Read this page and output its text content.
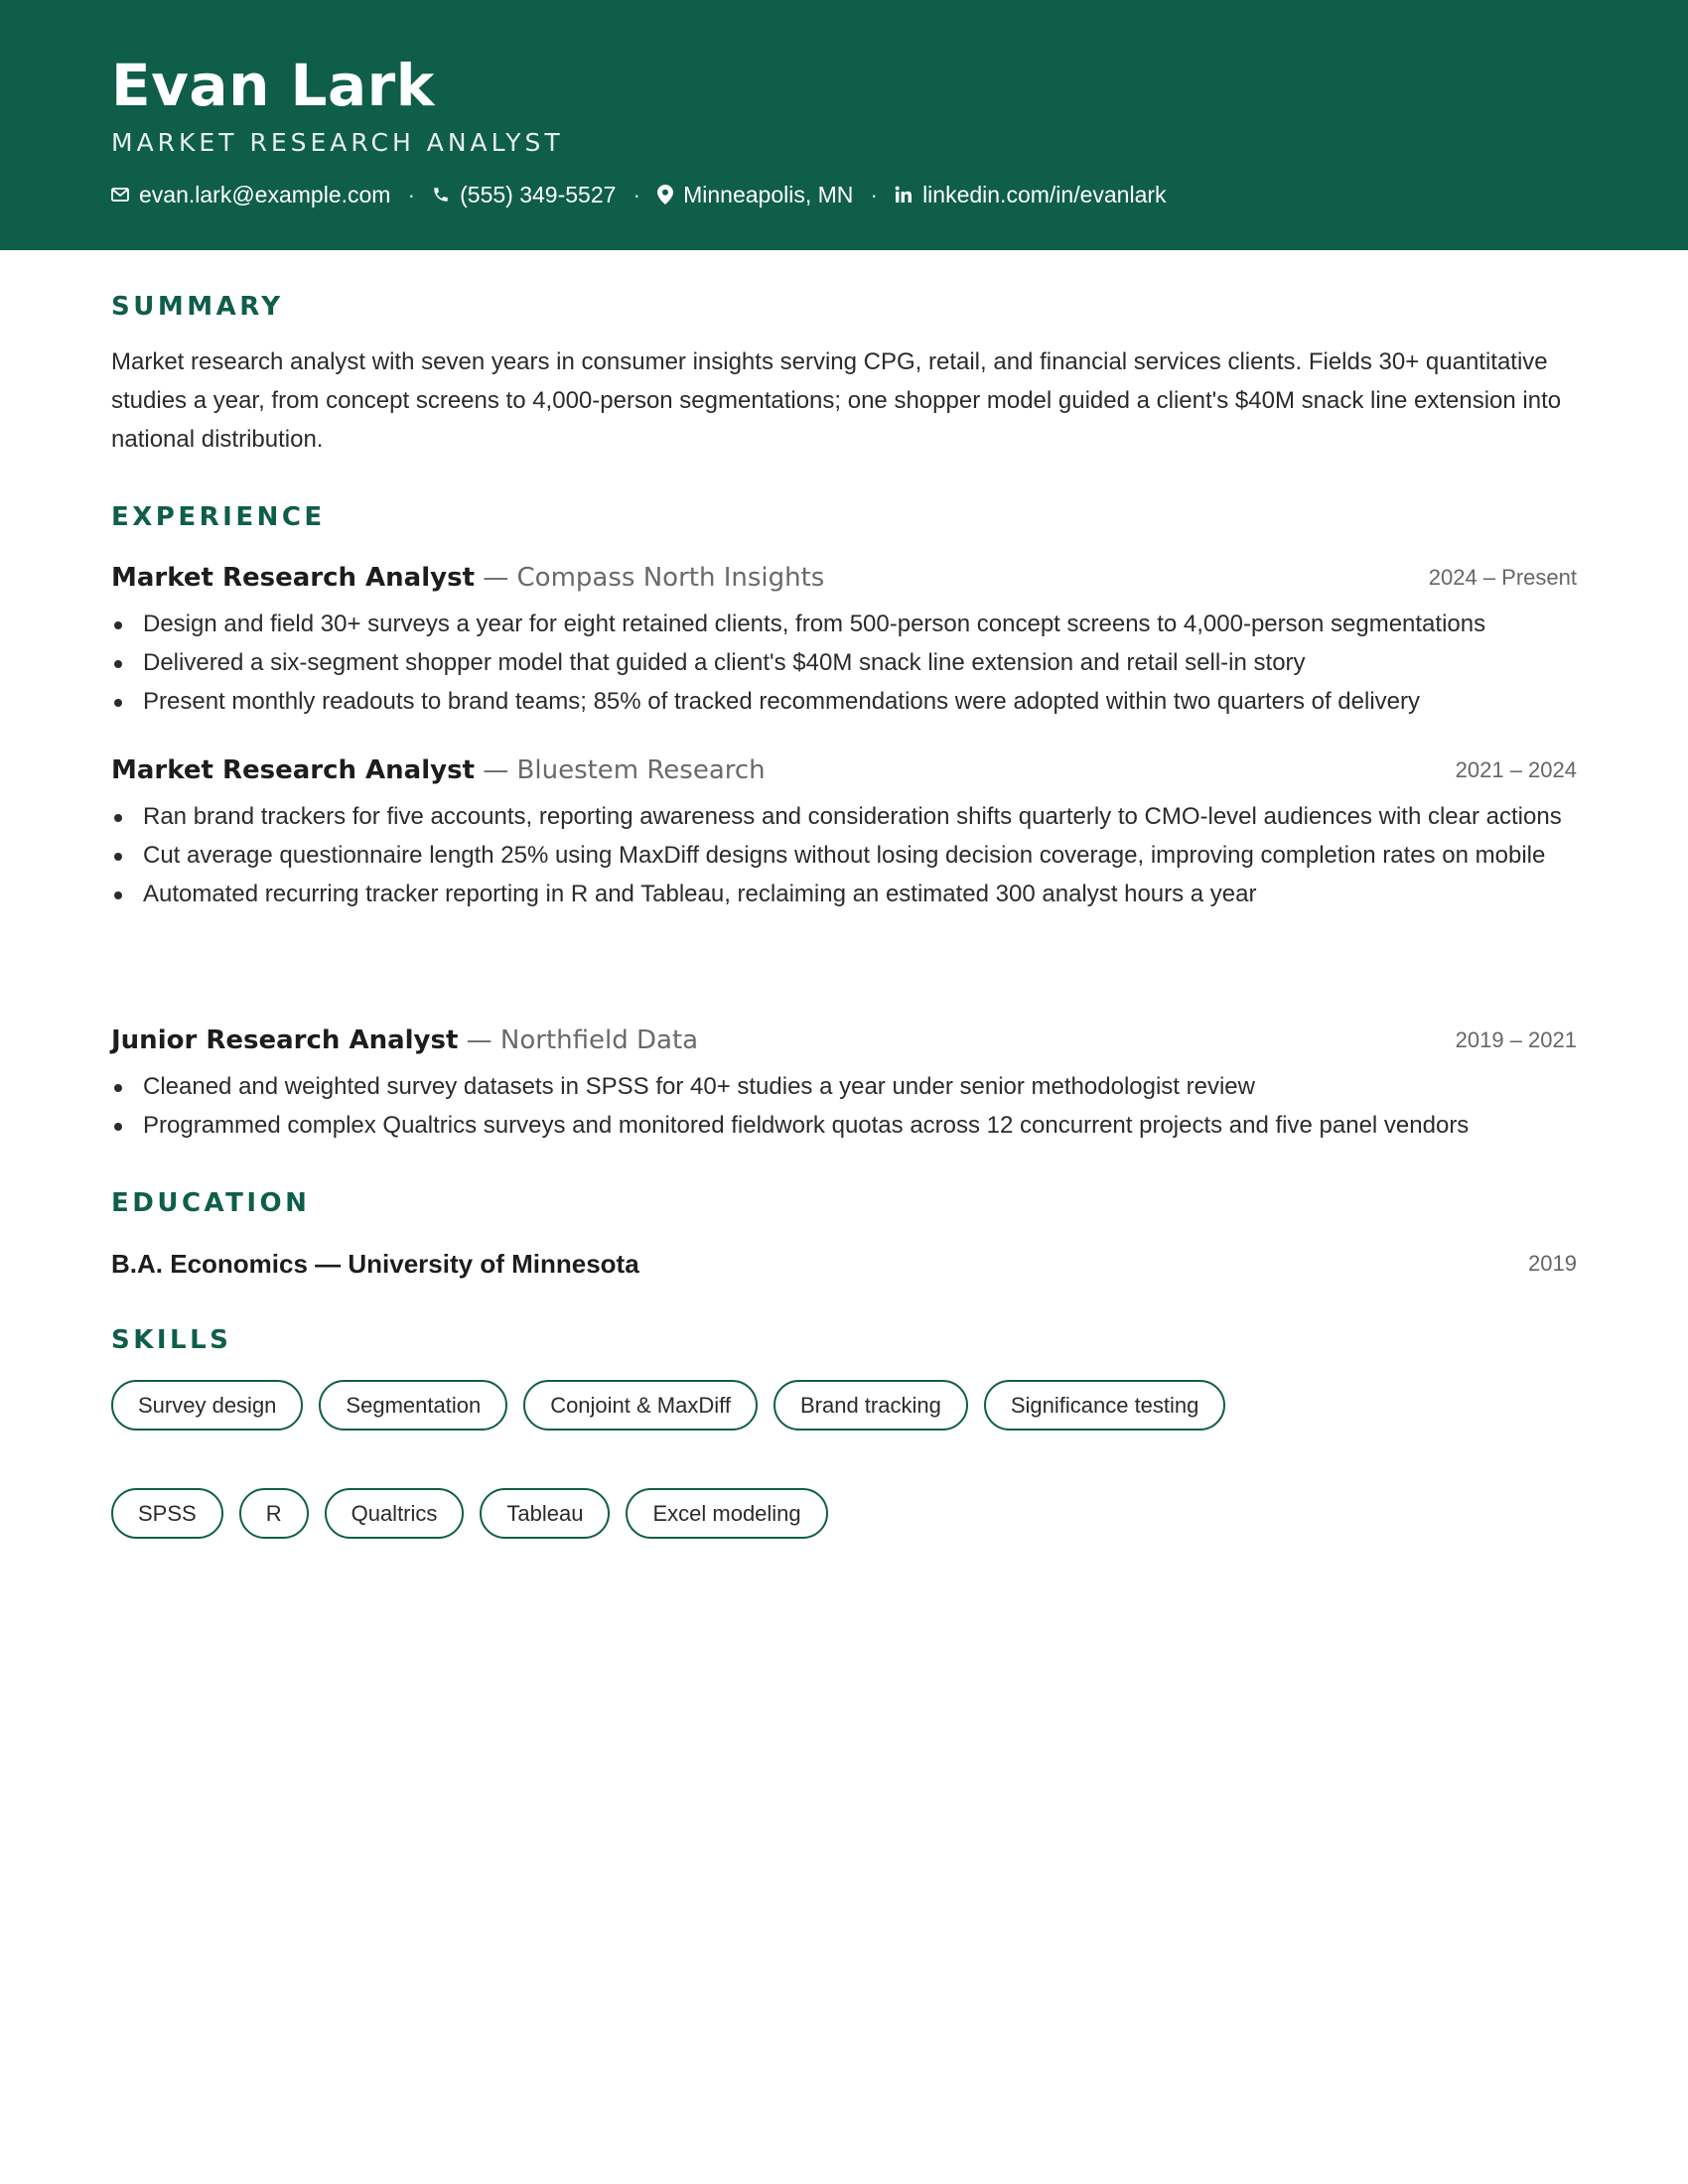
Evan Lark
MARKET RESEARCH ANALYST
evan.lark@example.com · (555) 349-5527 · Minneapolis, MN · linkedin.com/in/evanlark
SUMMARY
Market research analyst with seven years in consumer insights serving CPG, retail, and financial services clients. Fields 30+ quantitative studies a year, from concept screens to 4,000-person segmentations; one shopper model guided a client's $40M snack line extension into national distribution.
EXPERIENCE
Market Research Analyst — Compass North Insights	2024 – Present
Design and field 30+ surveys a year for eight retained clients, from 500-person concept screens to 4,000-person segmentations
Delivered a six-segment shopper model that guided a client's $40M snack line extension and retail sell-in story
Present monthly readouts to brand teams; 85% of tracked recommendations were adopted within two quarters of delivery
Market Research Analyst — Bluestem Research	2021 – 2024
Ran brand trackers for five accounts, reporting awareness and consideration shifts quarterly to CMO-level audiences with clear actions
Cut average questionnaire length 25% using MaxDiff designs without losing decision coverage, improving completion rates on mobile
Automated recurring tracker reporting in R and Tableau, reclaiming an estimated 300 analyst hours a year
Junior Research Analyst — Northfield Data	2019 – 2021
Cleaned and weighted survey datasets in SPSS for 40+ studies a year under senior methodologist review
Programmed complex Qualtrics surveys and monitored fieldwork quotas across 12 concurrent projects and five panel vendors
EDUCATION
B.A. Economics — University of Minnesota	2019
SKILLS
Survey design	Segmentation	Conjoint & MaxDiff	Brand tracking	Significance testing
SPSS	R	Qualtrics	Tableau	Excel modeling
